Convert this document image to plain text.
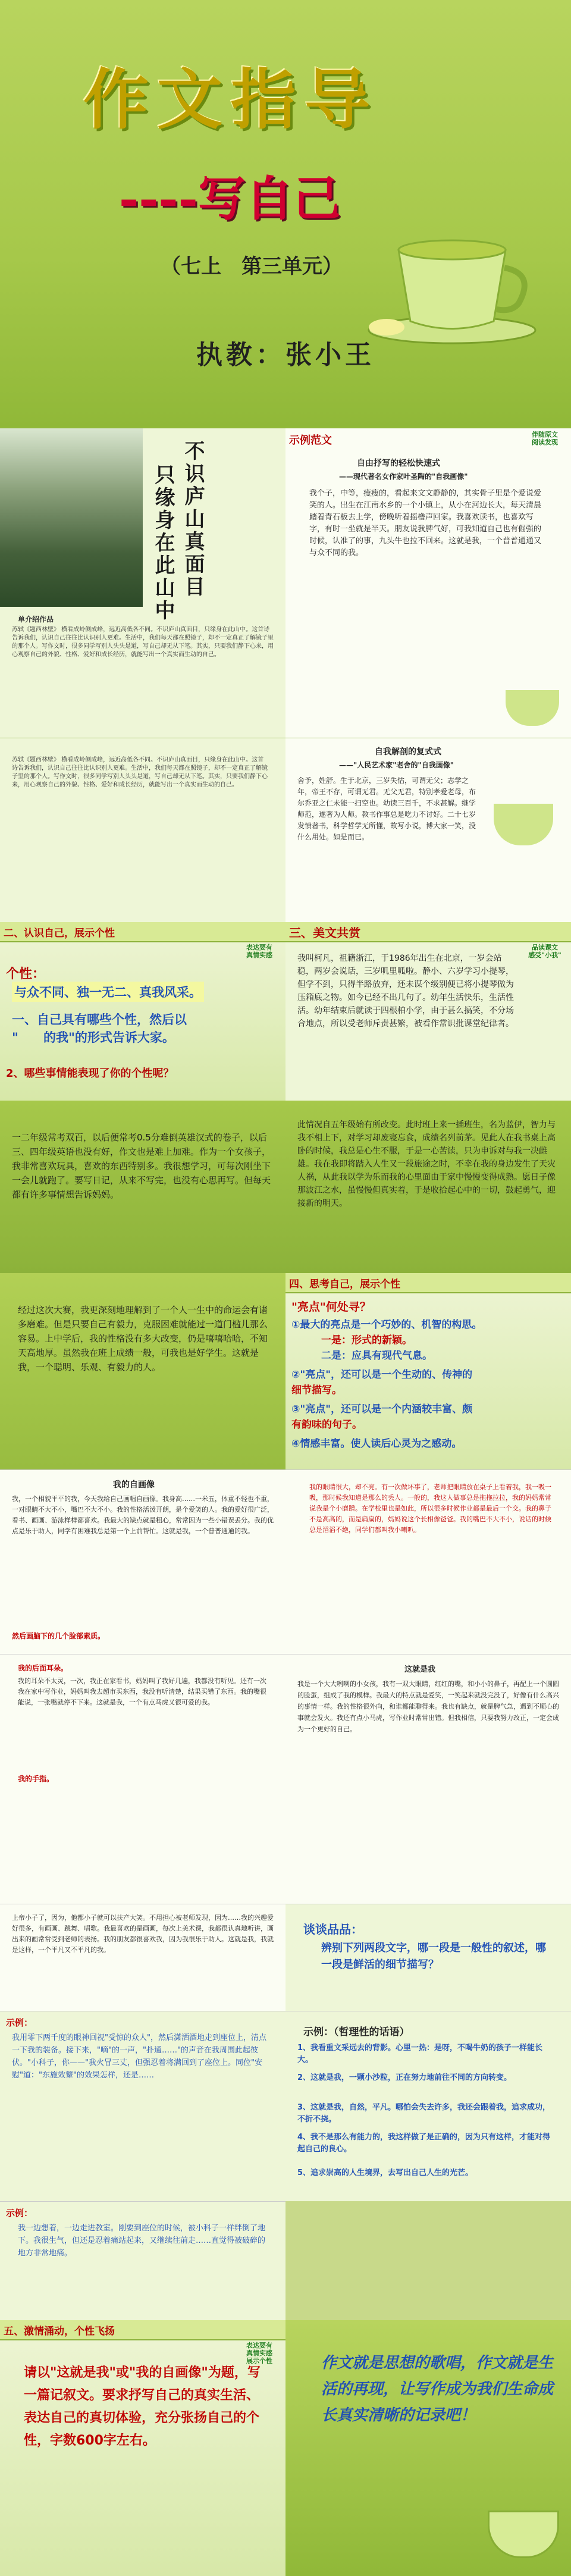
作文指导
----写自己
（七上　第三单元）
执教：张小王
不识庐山真面目
只缘身在此山中
单介绍作品
苏轼《题西林壁》 横看成岭侧成峰，远近高低各不同。不识庐山真面目，只缘身在此山中。这首诗告诉我们，认识自己往往比认识别人更难。生活中，我们每天都在照镜子，却不一定真正了解镜子里的那个人。写作文时，很多同学写别人头头是道，写自己却无从下笔。其实，只要我们静下心来，用心观察自己的外貌、性格、爱好和成长经历，就能写出一个真实而生动的自己。
示例范文	伴随原文
阅读发现
自由抒写的轻松快速式
——现代著名女作家叶圣陶的"自我画像"
我个子，中等，瘦瘦的，看起来文文静静的，其实骨子里是个爱说爱笑的人。出生在江南水乡的一个小镇上，从小在河边长大，每天清晨踏着青石板去上学，傍晚听着摇橹声回家。我喜欢读书，也喜欢写字，有时一坐就是半天。朋友说我脾气好，可我知道自己也有倔强的时候，认准了的事，九头牛也拉不回来。这就是我，一个普普通通又与众不同的我。
苏轼《题西林壁》 横看成岭侧成峰，远近高低各不同。不识庐山真面目，只缘身在此山中。这首诗告诉我们，认识自己往往比认识别人更难。生活中，我们每天都在照镜子，却不一定真正了解镜子里的那个人。写作文时，很多同学写别人头头是道，写自己却无从下笔。其实，只要我们静下心来，用心观察自己的外貌、性格、爱好和成长经历，就能写出一个真实而生动的自己。
自我解剖的复式式
——"人民艺术家"老舍的"自我画像"
舍予，姓舒。生于北京，三岁失怙，可谓无父；志学之年，帝王不存，可谓无君。无父无君，特别孝爱老母，布尔乔亚之仁未能一扫空也。幼读三百千，不求甚解。继学师范，遂奢为人师。教书作事总是吃力不讨好。二十七岁发愤著书，科学哲学无所懂，故写小说，博大家一笑，没什么用处。如是而已。
二、认识自己，展示个性
表达要有
真情实感
个性：
与众不同、独一无二、真我风采。
一、自己具有哪些个性，然后以
"　　的我"的形式告诉大家。
2、哪些事情能表现了你的个性呢？
三、美文共赏
品读课文
感受"小我"
我叫柯凡，祖籍浙江，于1986年出生在北京，一岁会站稳，两岁会说话，三岁叽里呱啦。静小、六岁学习小提琴，但学不到，只得半路放弃，还未谋个级别便已将小提琴做为压箱底之物。如今已经不出几句了。幼年生活快乐，生活性活。幼年结束后就读于四根柏小学，由于甚么搞笑，不分场合地点，所以受老师斥责甚繁，被看作常识批课堂纪律者。
一二年级常考双百，以后便常考0.5分难倒英雄汉式的卷子，以后三、四年级英语也没有好，作文也是难上加难。作为一个女孩子，我非常喜欢玩具，喜欢的东西特别多。我很想学习，可每次刚坐下一会儿就跑了。要写日记，从来不写完，也没有心思再写。但每天都有许多事情想告诉妈妈。
此情况自五年级始有所改变。此时班上来一插班生，名为蓝伊，智力与我不相上下，对学习却废寝忘食，成绩名列前茅。见此人在我书桌上高卧的时候，我总是心生不服，于是一心苦读，只为申诉对与我一决雌雄。我在我即将踏入人生又一段旅途之时，不幸在我的身边发生了天灾人祸，从此我以学为乐而我的心里面由于家中慢慢变得成熟。愿日子像那波江之水，虽慢慢但真实着，于是收拾起心中的一切，鼓起勇气，迎接新的明天。
经过这次大赛，我更深刻地理解到了一个人一生中的命运会有诸多磨难。但是只要自己有毅力，克服困难就能过一道门槛儿那么容易。上中学后，我的性格没有多大改变，仍是嘻嘻哈哈，不知天高地厚。虽然我在班上成绩一般，可我也是好学生。这就是我，一个聪明、乐观、有毅力的人。
四、思考自己，展示个性
"亮点"何处寻？
①最大的亮点是一个巧妙的、机智的构思。
一是：形式的新颖。
二是：应具有现代气息。
②"亮点"，还可以是一个生动的、传神的
细节描写。
③"亮点"，还可以是一个内涵较丰富、颇
有韵味的句子。
④情感丰富。使人读后心灵为之感动。
我的自画像
我，一个相貌平平的我，今天我给自己画幅自画像。我身高……一米五，体重不轻也不重，一对眼睛不大不小，嘴巴不大不小。我的性格活泼开朗，是个爱笑的人。我的爱好很广泛，看书、画画、游泳样样都喜欢。我最大的缺点就是粗心，常常因为一些小错误丢分。我的优点是乐于助人，同学有困难我总是第一个上前帮忙。这就是我，一个普普通通的我。
然后画脑下的几个脸部素质。
我的眼睛很大，却不亮。有一次做坏事了，老师把眼睛放在桌子上看着我，我一吸一吸，那时候我知道是那么的丢人。一般的，我这人做事总是拖拖拉拉，我的妈妈常常说我是个小磨蹭。在学校里也是如此，所以很多时候作业都是最后一个交。我的鼻子不是高高的，而是扁扁的，妈妈说这个长相像爸爸。我的嘴巴不大不小，说话的时候总是滔滔不绝，同学们都叫我小喇叭。
我的后面耳朵。
我的耳朵不太灵，一次，我正在家看书，妈妈叫了我好几遍，我都没有听见。还有一次我在家中写作业，妈妈叫我去超市买东西，我没有听清楚，结果买错了东西。我的嘴很能说，一张嘴就停不下来。这就是我，一个有点马虎又很可爱的我。
我的手指。
这就是我
我是一个大大咧咧的小女孩，我有一双大眼睛，红红的嘴，和小小的鼻子，再配上一个圆圆的脸蛋，组成了我的模样。我最大的特点就是爱笑，一笑起来就没完没了，好像有什么高兴的事情一样。我的性格很外向，和谁都能聊得来。我也有缺点，就是脾气急，遇到不顺心的事就会发火。我还有点小马虎，写作业时常常出错。但我相信，只要我努力改正，一定会成为一个更好的自己。
上帝小子了，因为，他都小子就可以扶产大笑。不用担心被老师发现，因为……我的兴趣爱好很多，有画画、跳舞、唱歌。我最喜欢的是画画，每次上美术课，我都很认真地听讲，画出来的画常常受到老师的表扬。我的朋友都很喜欢我，因为我很乐于助人。这就是我，我就是这样，一个平凡又不平凡的我。
谈谈品品：
辨别下列两段文字，哪一段是一般性的叙述，哪一段是鲜活的细节描写？
示例：
我用零下两千度的眼神回视"受惊的众人"，然后潇洒酒地走到座位上，清点一下我的装备。接下来，"嘀"的一声，"扑通……"的声音在我周围此起彼伏。"小科子，你——"我火冒三丈，但强忍着将满回到了座位上。同位"安慰"道："东施效颦"的效果怎样，还是……
示例：（哲理性的话语）
1、我看重文采远去的背影。心里一热：是呀，不喝牛奶的孩子一样能长大。
2、这就是我，一颗小沙粒，正在努力地前往不同的方向转变。
3、这就是我，自然，平凡。哪怕会失去许多，我还会跟着我，追求成功，不折不挠。
4、我不是那么有能力的，我这样做了是正确的，因为只有这样，才能对得起自己的良心。
5、追求崇高的人生境界，去写出自己人生的光芒。
示例：
我一边想着，一边走进教室。刚要到座位的时候，被小科子一样绊倒了地下。我很生气，但还是忍着痛站起来，又继续往前走……直觉得被破碎的地方非常地痛。
五、激情涌动，个性飞扬
表达要有
真情实感
展示个性
请以"这就是我"或"我的自画像"为题，写一篇记叙文。要求抒写自己的真实生活、表达自己的真切体验，充分张扬自己的个性，字数600字左右。
作文就是思想的歌唱，作文就是生活的再现，让写作成为我们生命成长真实清晰的记录吧！
